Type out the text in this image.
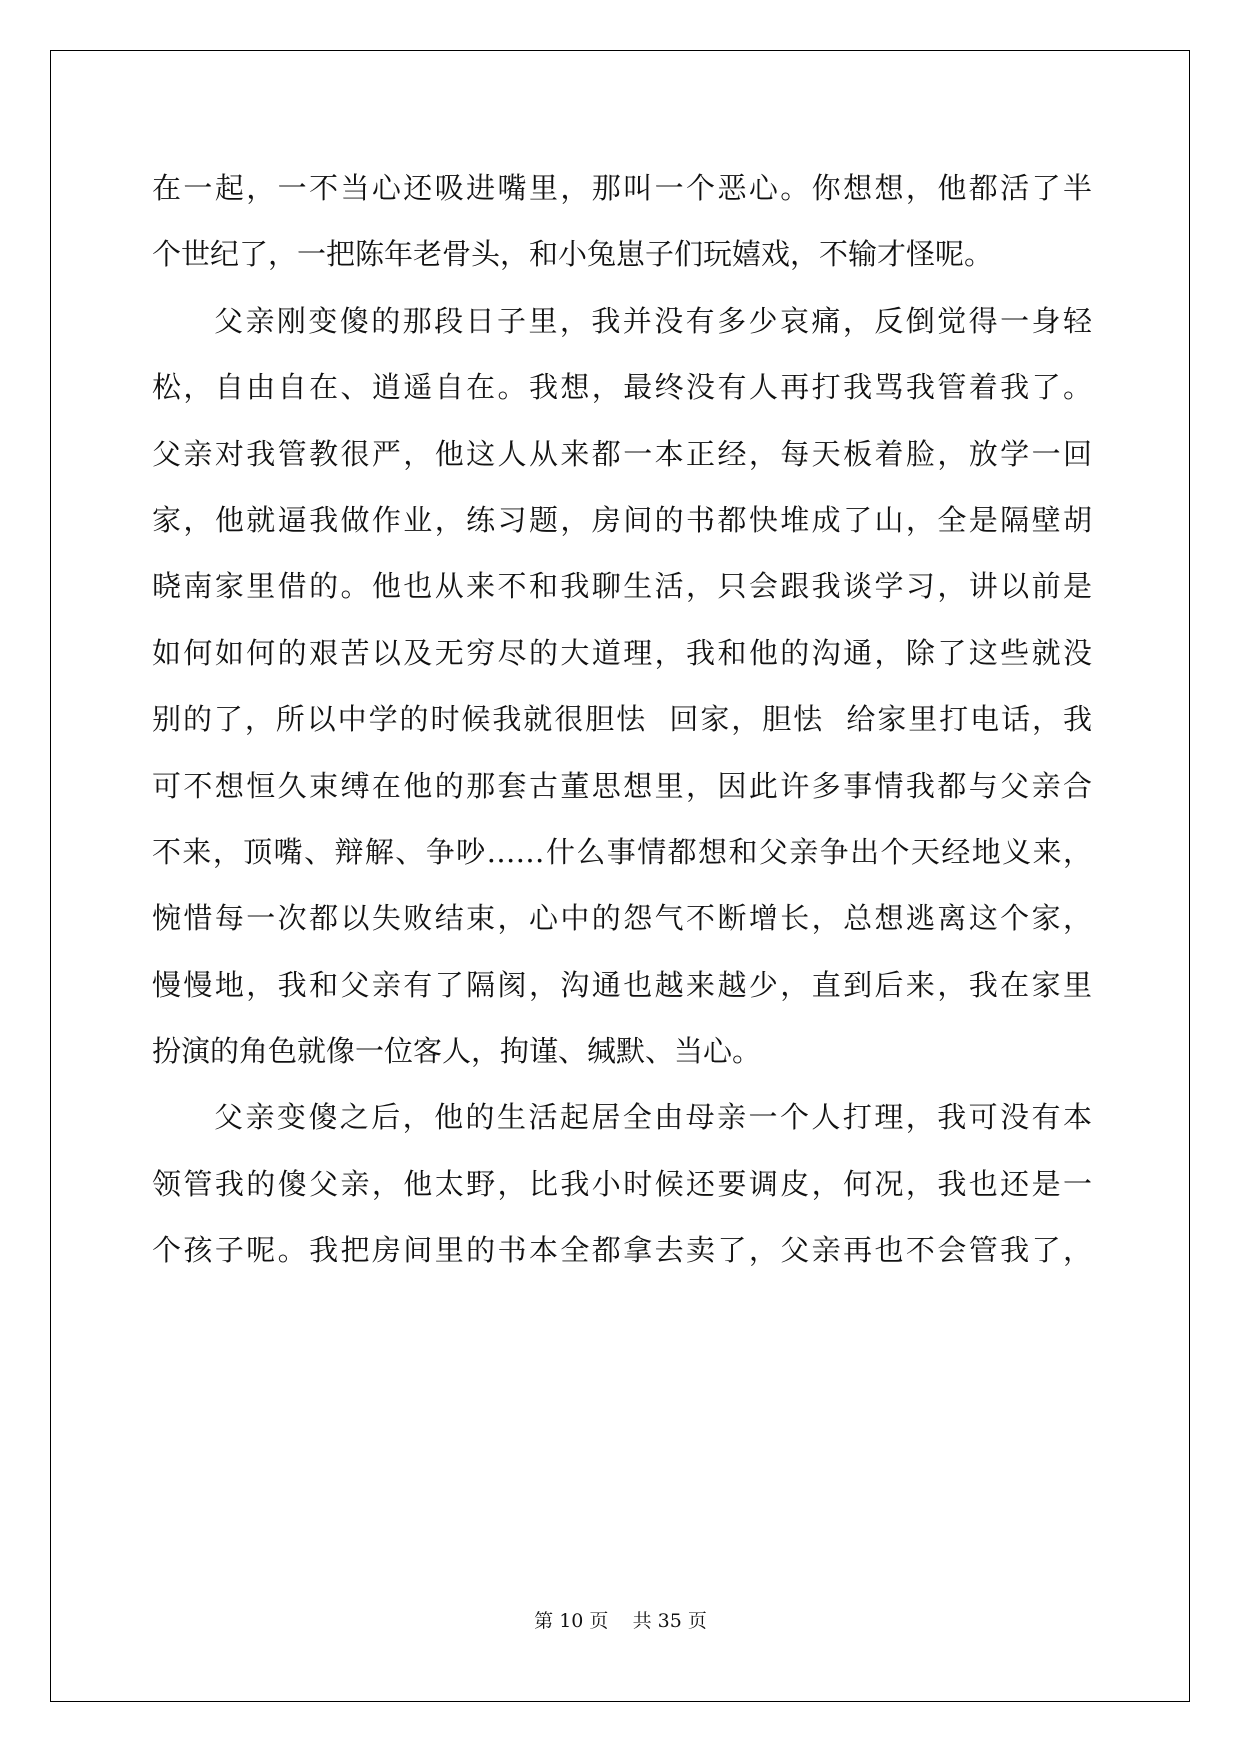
在一起，一不当心还吸进嘴里，那叫一个恶心。你想想，他都活了半
个世纪了，一把陈年老骨头，和小兔崽子们玩嬉戏，不输才怪呢。
父亲刚变傻的那段日子里，我并没有多少哀痛，反倒觉得一身轻
松，自由自在、逍遥自在。我想，最终没有人再打我骂我管着我了。
父亲对我管教很严，他这人从来都一本正经，每天板着脸，放学一回
家，他就逼我做作业，练习题，房间的书都快堆成了山，全是隔壁胡
晓南家里借的。他也从来不和我聊生活，只会跟我谈学习，讲以前是
如何如何的艰苦以及无穷尽的大道理，我和他的沟通，除了这些就没
别的了，所以中学的时候我就很胆怯  回家，胆怯  给家里打电话，我
可不想恒久束缚在他的那套古董思想里，因此许多事情我都与父亲合
不来，顶嘴、辩解、争吵……什么事情都想和父亲争出个天经地义来，
惋惜每一次都以失败结束，心中的怨气不断增长，总想逃离这个家，
慢慢地，我和父亲有了隔阂，沟通也越来越少，直到后来，我在家里
扮演的角色就像一位客人，拘谨、缄默、当心。
父亲变傻之后，他的生活起居全由母亲一个人打理，我可没有本
领管我的傻父亲，他太野，比我小时候还要调皮，何况，我也还是一
个孩子呢。我把房间里的书本全都拿去卖了，父亲再也不会管我了，
第 10 页    共 35 页
